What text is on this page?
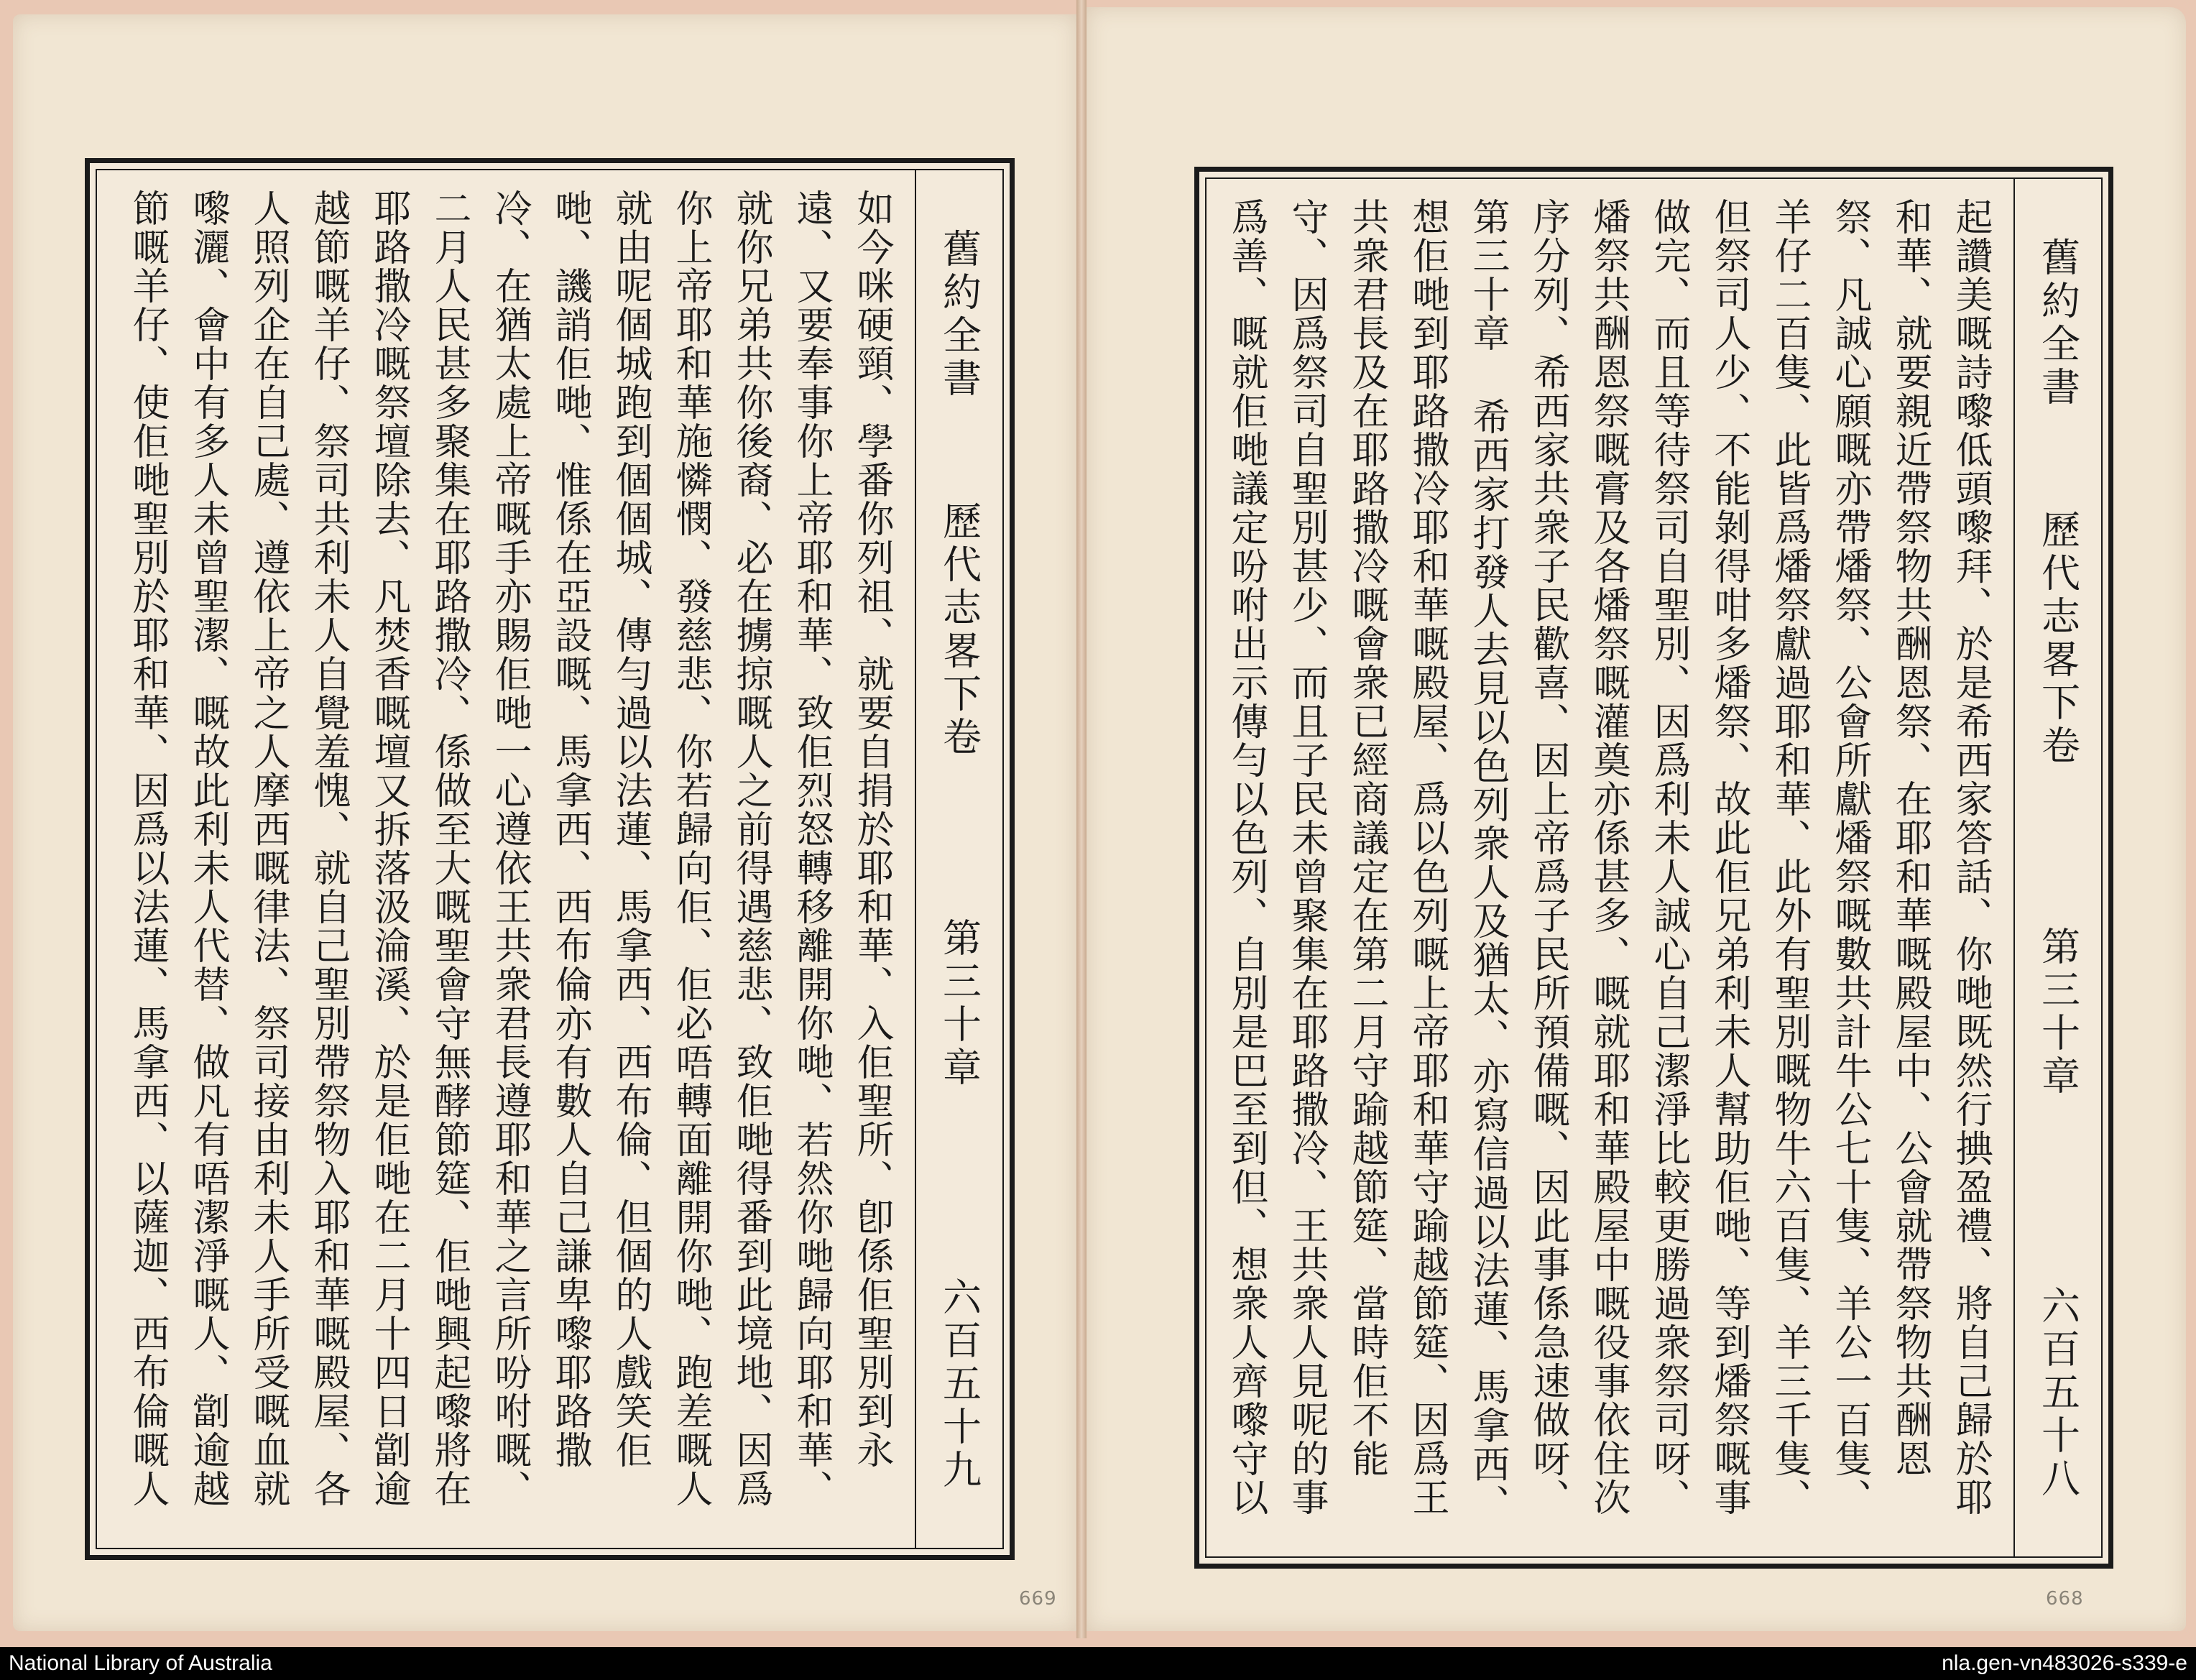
如今咪硬頸、學番你列祖、就要自捐於耶和華、入佢聖所、卽係佢聖別到永遠、又要奉事你上帝耶和華、致佢烈怒轉移離開你哋、若然你哋歸向耶和華、就你兄弟共你後裔、必在擄掠嘅人之前得遇慈悲、致佢哋得番到此境地、因爲你上帝耶和華施憐憫、發慈悲、你若歸向佢、佢必唔轉面離開你哋、跑差嘅人就由呢個城跑到個個城、傳勻過以法蓮、馬拿西、西布倫、但個的人戲笑佢哋、譏誚佢哋、惟係在亞設嘅、馬拿西、西布倫亦有數人自己謙卑嚟耶路撒冷、在猶太處上帝嘅手亦賜佢哋一心遵依王共衆君長遵耶和華之言所吩咐嘅、二月人民甚多聚集在耶路撒冷、係做至大嘅聖會守無酵節筵、佢哋興起嚟將在耶路撒冷嘅祭壇除去、凡焚香嘅壇又拆落汲淪溪、於是佢哋在二月十四日劏逾越節嘅羊仔、祭司共利未人自覺羞愧、就自己聖別帶祭物入耶和華嘅殿屋、各人照列企在自己處、遵依上帝之人摩西嘅律法、祭司接由利未人手所受嘅血就嚟灑、會中有多人未曾聖潔、嘅故此利未人代替、做凡有唔潔淨嘅人、劏逾越節嘅羊仔、使佢哋聖別於耶和華、因爲以法蓮、馬拿西、以薩迦、西布倫嘅人
舊約全書
歷代志畧下卷
第三十章
六百五十九
669
起讚美嘅詩嚟低頭嚟拜、於是希西家答話、你哋既然行捵盈禮、將自己歸於耶和華、就要親近帶祭物共酬恩祭、在耶和華嘅殿屋中、公會就帶祭物共酬恩祭、凡誠心願嘅亦帶燔祭、公會所獻燔祭嘅數共計牛公七十隻、羊公一百隻、羊仔二百隻、此皆爲燔祭獻過耶和華、此外有聖別嘅物牛六百隻、羊三千隻、但祭司人少、不能剝得咁多燔祭、故此佢兄弟利未人幫助佢哋、等到燔祭嘅事做完、而且等待祭司自聖別、因爲利未人誠心自己潔淨比較更勝過衆祭司呀、燔祭共酬恩祭嘅膏及各燔祭嘅灌奠亦係甚多、嘅就耶和華殿屋中嘅役事依住次序分列、希西家共衆子民歡喜、因上帝爲子民所預備嘅、因此事係急速做呀、第三十章 希西家打發人去見以色列衆人及猶太、亦寫信過以法蓮、馬拿西、想佢哋到耶路撒冷耶和華嘅殿屋、爲以色列嘅上帝耶和華守踰越節筵、因爲王共衆君長及在耶路撒冷嘅會衆已經商議定在第二月守踰越節筵、當時佢不能守、因爲祭司自聖別甚少、而且子民未曾聚集在耶路撒冷、王共衆人見呢的事爲善、嘅就佢哋議定吩咐出示傳勻以色列、自別是巴至到但、想衆人齊嚟守以
舊約全書
歷代志畧下卷
第三十章
六百五十八
668
National Library of Australia	nla.gen-vn483026-s339-e
